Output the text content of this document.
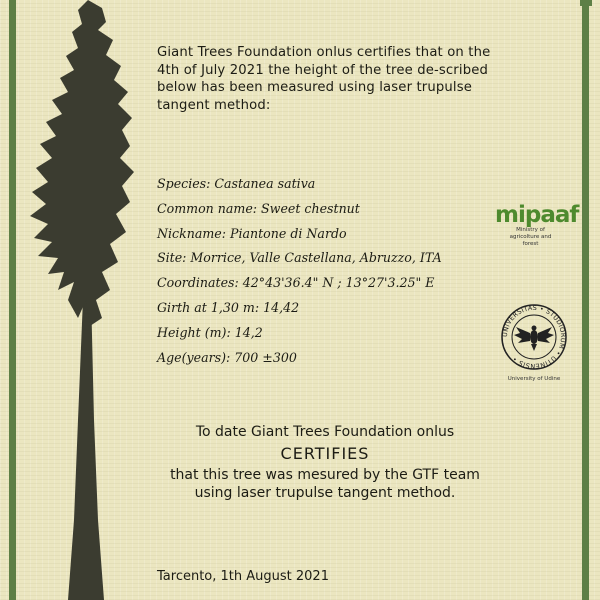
Giant Trees Foundation onlus certifies that on the 4th of July 2021 the height of the tree de-scribed below has been measured using laser trupulse tangent method:
Species: Castanea sativa
Common name: Sweet chestnut
Nickname: Piantone di Nardo
Site: Morrice, Valle Castellana, Abruzzo, ITA
Coordinates: 42°43'36.4" N ; 13°27'3.25" E
Girth at 1,30 m: 14,42
Height (m): 14,2
Age(years): 700 ±300
mipaaf
Ministry of agricolture and forest
UNIVERSITAS • STUDIORUM • UTINENSIS •
University of Udine
To date Giant Trees Foundation onlus
CERTIFIES
that this tree was mesured by the GTF team using laser trupulse tangent method.
Tarcento, 1th August 2021
